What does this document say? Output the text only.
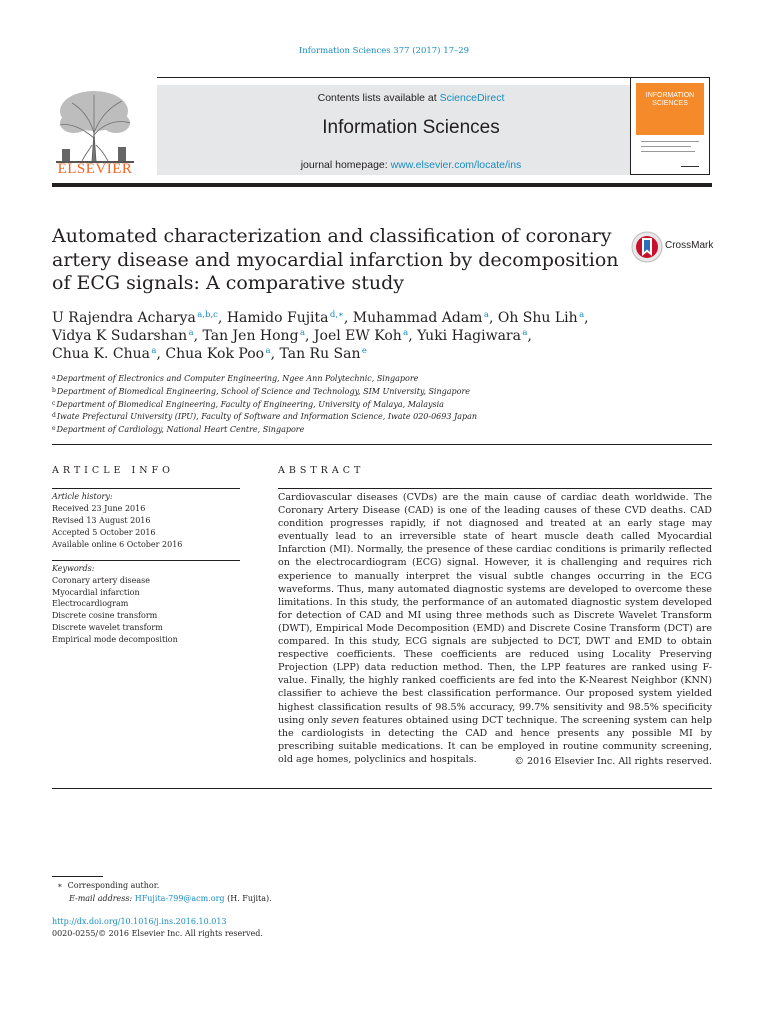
Information Sciences 377 (2017) 17–29
ELSEVIER
Contents lists available at ScienceDirect
Information Sciences
journal homepage: www.elsevier.com/locate/ins
INFORMATION
SCIENCES
Automated characterization and classification of coronary artery disease and myocardial infarction by decomposition of ECG signals: A comparative study
CrossMark
U Rajendra Acharya $^{a,b,c}$, Hamido Fujita $^{d,∗}$, Muhammad Adam $^a$, Oh Shu Lih $^a$,
Vidya K Sudarshan $^a$, Tan Jen Hong $^a$, Joel EW Koh $^a$, Yuki Hagiwara $^a$,
Chua K. Chua $^a$, Chua Kok Poo $^a$, Tan Ru San $^e$
$^a$Department of Electronics and Computer Engineering, Ngee Ann Polytechnic, Singapore
$^b$Department of Biomedical Engineering, School of Science and Technology, SIM University, Singapore
$^c$Department of Biomedical Engineering, Faculty of Engineering, University of Malaya, Malaysia
$^d$Iwate Prefectural University (IPU), Faculty of Software and Information Science, Iwate 020-0693 Japan
$^e$Department of Cardiology, National Heart Centre, Singapore
ARTICLE INFO	ABSTRACT
Article history:
Received 23 June 2016
Revised 13 August 2016
Accepted 5 October 2016
Available online 6 October 2016
Keywords:
Coronary artery disease
Myocardial infarction
Electrocardiogram
Discrete cosine transform
Discrete wavelet transform
Empirical mode decomposition
Cardiovascular diseases (CVDs) are the main cause of cardiac death worldwide. The Coronary Artery Disease (CAD) is one of the leading causes of these CVD deaths. CAD condition progresses rapidly, if not diagnosed and treated at an early stage may eventually lead to an irreversible state of heart muscle death called Myocardial Infarction (MI). Normally, the presence of these cardiac conditions is primarily reflected on the electrocardiogram (ECG) signal. However, it is challenging and requires rich experience to manually interpret the visual subtle changes occurring in the ECG waveforms. Thus, many automated diagnostic systems are developed to overcome these limitations. In this study, the performance of an automated diagnostic system developed for detection of CAD and MI using three methods such as Discrete Wavelet Transform (DWT), Empirical Mode Decomposition (EMD) and Discrete Cosine Transform (DCT) are compared. In this study, ECG signals are subjected to DCT, DWT and EMD to obtain respective coefficients. These coefficients are reduced using Locality Preserving Projection (LPP) data reduction method. Then, the LPP features are ranked using F-value. Finally, the highly ranked coefficients are fed into the K-Nearest Neighbor (KNN) classifier to achieve the best classification performance. Our proposed system yielded highest classification results of 98.5% accuracy, 99.7% sensitivity and 98.5% specificity using only seven features obtained using DCT technique. The screening system can help the cardiologists in detecting the CAD and hence presents any possible MI by prescribing suitable medications. It can be employed in routine community screening, old age homes, polyclinics and hospitals.	© 2016 Elsevier Inc. All rights reserved.
∗ Corresponding author.
E-mail address: HFujita-799@acm.org (H. Fujita).
http://dx.doi.org/10.1016/j.ins.2016.10.013
0020-0255/© 2016 Elsevier Inc. All rights reserved.
